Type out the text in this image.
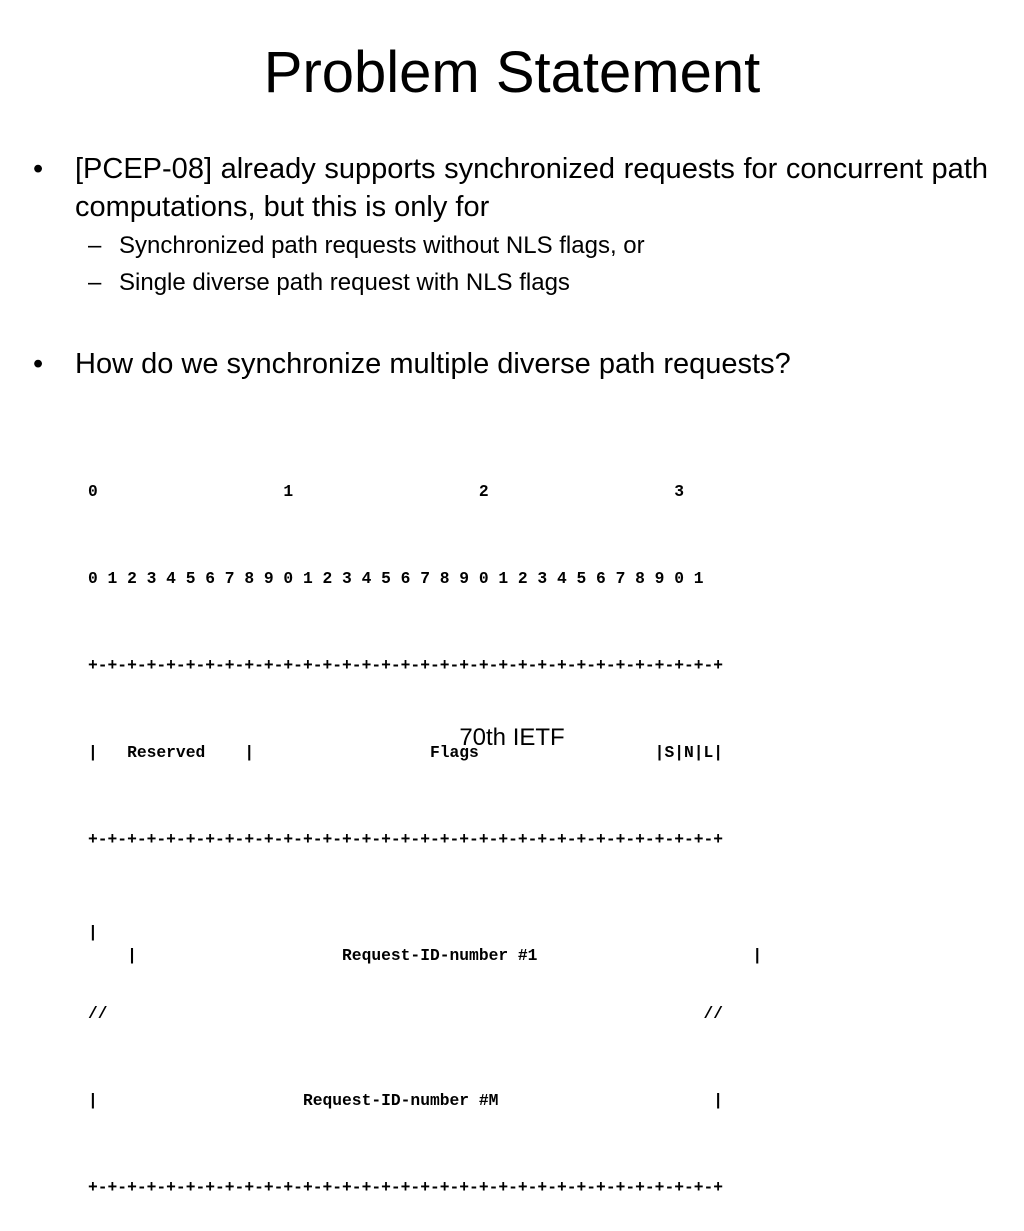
Problem Statement
• [PCEP-08] already supports synchronized requests for concurrent path computations, but this is only for
– Synchronized path requests without NLS flags, or
– Single diverse path request with NLS flags
• How do we synchronize multiple diverse path requests?

0                   1                   2                   3

0 1 2 3 4 5 6 7 8 9 0 1 2 3 4 5 6 7 8 9 0 1 2 3 4 5 6 7 8 9 0 1

+-+-+-+-+-+-+-+-+-+-+-+-+-+-+-+-+-+-+-+-+-+-+-+-+-+-+-+-+-+-+-+-+

|   Reserved    |                  Flags                  |S|N|L|

+-+-+-+-+-+-+-+-+-+-+-+-+-+-+-+-+-+-+-+-+-+-+-+-+-+-+-+-+-+-+-+-+

|                     Request-ID-number #1                      |

|

//                                                             //

|                     Request-ID-number #M                      |

+-+-+-+-+-+-+-+-+-+-+-+-+-+-+-+-+-+-+-+-+-+-+-+-+-+-+-+-+-+-+-+-+

70th IETF
